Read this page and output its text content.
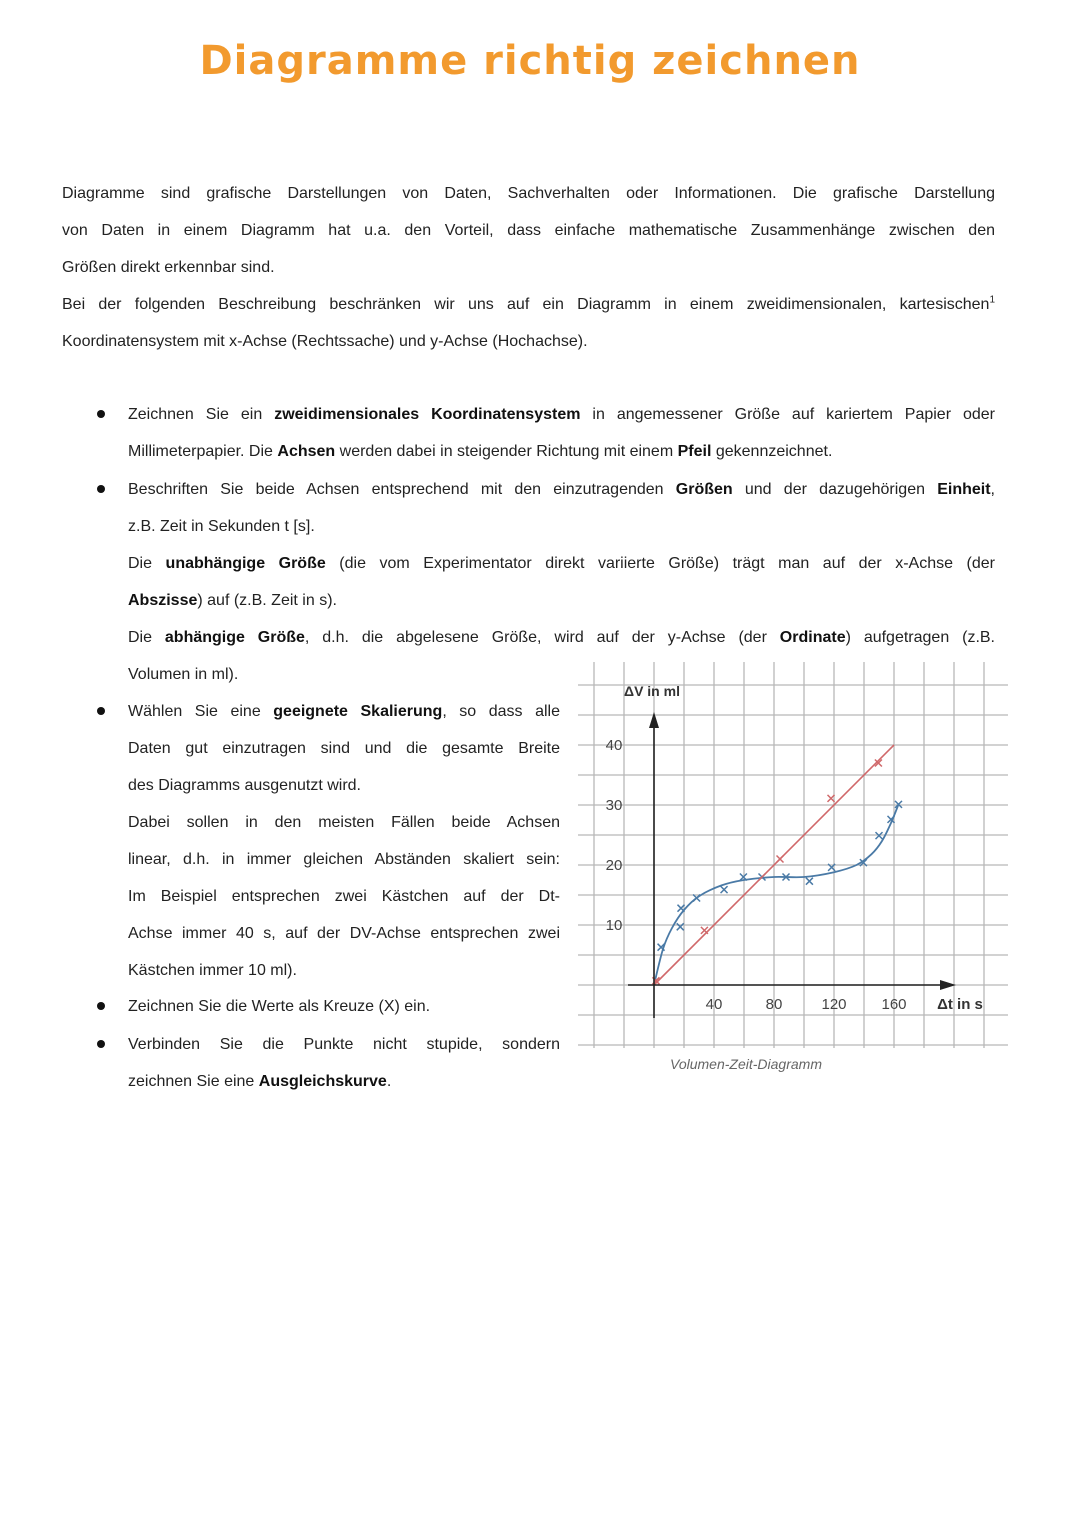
Diagramme richtig zeichnen
Diagramme sind grafische Darstellungen von Daten, Sachverhalten oder Informationen. Die grafische Darstellung
von Daten in einem Diagramm hat u.a. den Vorteil, dass einfache mathematische Zusammenhänge zwischen den
Größen direkt erkennbar sind.
Bei der folgenden Beschreibung beschränken wir uns auf ein Diagramm in einem zweidimensionalen, kartesischen$^1$
Koordinatensystem mit x-Achse (Rechtssache) und y-Achse (Hochachse).
Zeichnen Sie ein zweidimensionales Koordinatensystem in angemessener Größe auf kariertem Papier oder
Millimeterpapier. Die Achsen werden dabei in steigender Richtung mit einem Pfeil gekennzeichnet.
Beschriften Sie beide Achsen entsprechend mit den einzutragenden Größen und der dazugehörigen Einheit,
z.B. Zeit in Sekunden t [s].
Die unabhängige Größe (die vom Experimentator direkt variierte Größe) trägt man auf der x-Achse (der
Abszisse) auf (z.B. Zeit in s).
Die abhängige Größe, d.h. die abgelesene Größe, wird auf der y-Achse (der Ordinate) aufgetragen (z.B.
Volumen in ml).
Wählen Sie eine geeignete Skalierung, so dass alle
Daten gut einzutragen sind und die gesamte Breite
des Diagramms ausgenutzt wird.
Dabei sollen in den meisten Fällen beide Achsen
linear, d.h. in immer gleichen Abständen skaliert sein:
Im Beispiel entsprechen zwei Kästchen auf der Dt-
Achse immer 40 s, auf der DV-Achse entsprechen zwei
Kästchen immer 10 ml).
Zeichnen Sie die Werte als Kreuze (X) ein.
Verbinden Sie die Punkte nicht stupide, sondern
zeichnen Sie eine Ausgleichskurve.
ΔV in ml
Δt in s
40	80	120 160
10
20
30
40
Volumen-Zeit-Diagramm
